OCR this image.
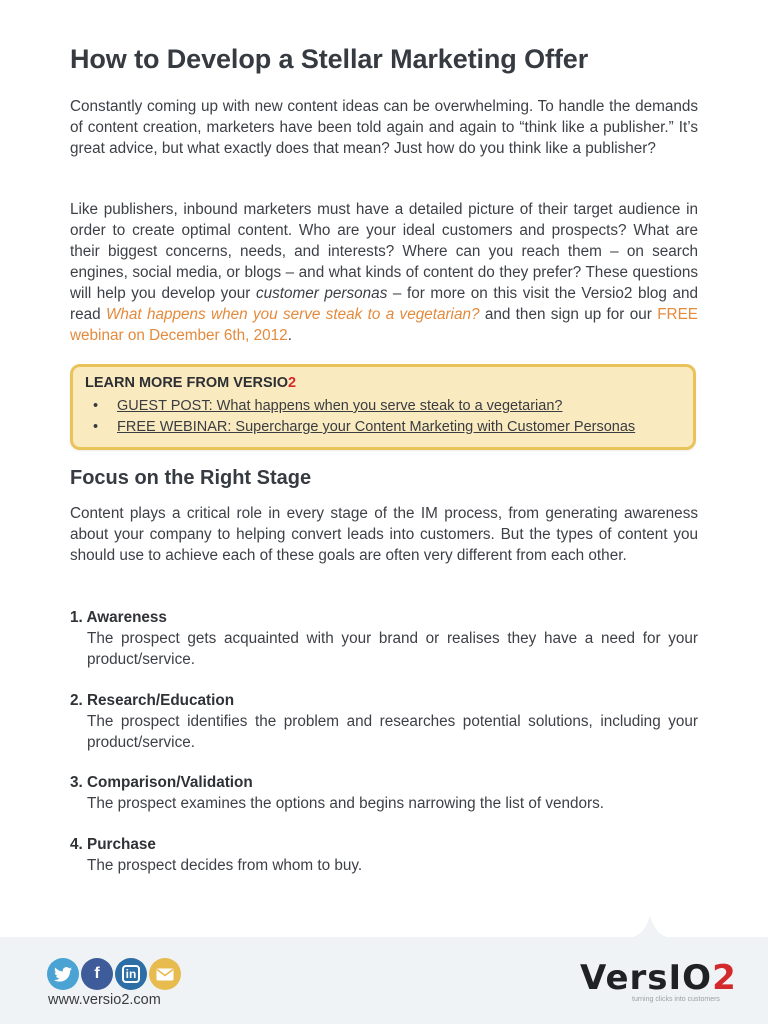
How to Develop a Stellar Marketing Offer

Constantly coming up with new content ideas can be overwhelming. To handle the demands of content creation, marketers have been told again and again to “think like a publisher.” It’s great advice, but what exactly does that mean? Just how do you think like a publisher?

Like publishers, inbound marketers must have a detailed picture of their target audience in order to create optimal content. Who are your ideal customers and prospects? What are their biggest concerns, needs, and interests? Where can you reach them – on search engines, social media, or blogs – and what kinds of content do they prefer? These questions will help you develop your customer personas – for more on this visit the Versio2 blog and read What happens when you serve steak to a vegetarian? and then sign up for our FREE webinar on December 6th, 2012.

LEARN MORE FROM VERSIO2
• GUEST POST: What happens when you serve steak to a vegetarian?
• FREE WEBINAR: Supercharge your Content Marketing with Customer Personas
Focus on the Right Stage

Content plays a critical role in every stage of the IM process, from generating awareness about your company to helping convert leads into customers. But the types of content you should use to achieve each of these goals are often very different from each other.

1. Awareness
The prospect gets acquainted with your brand or realises they have a need for your product/service.
2. Research/Education
The prospect identifies the problem and researches potential solutions, including your product/service.
3. Comparison/Validation
The prospect examines the options and begins narrowing the list of vendors.
4. Purchase
The prospect decides from whom to buy.
f	in
www.versio2.com
VersIO2
turning clicks into customers
